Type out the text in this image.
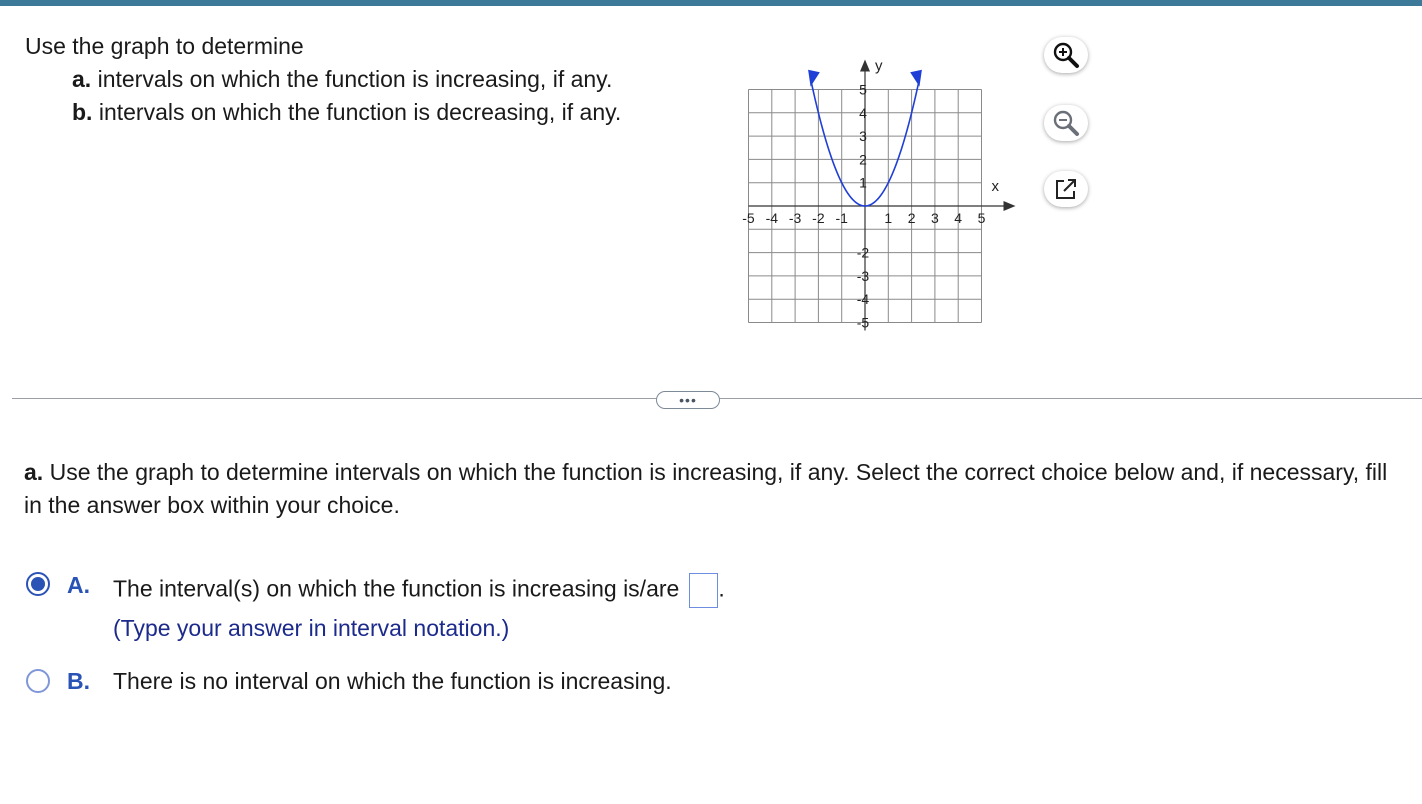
Use the graph to determine
a. intervals on which the function is increasing, if any.
b. intervals on which the function is decreasing, if any.
-5 -4 -3 -2 -1	1 2 3 4 5
5
4
3
2
1
-2
-3
-4
-5
x
y
•••
a. Use the graph to determine intervals on which the function is increasing, if any. Select the correct choice below and, if necessary, fill in the answer box within your choice.
A. The interval(s) on which the function is increasing is/are .
(Type your answer in interval notation.)
B. There is no interval on which the function is increasing.
